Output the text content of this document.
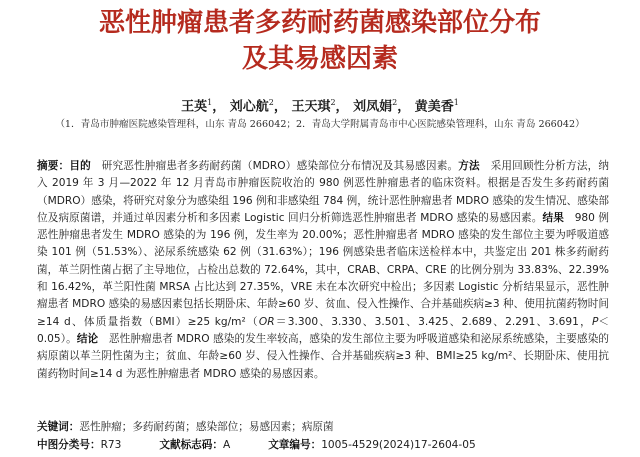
恶性肿瘤患者多药耐药菌感染部位分布
及其易感因素
王英$^1$， 刘心航$^2$， 王天琪$^2$， 刘凤娟$^2$， 黄美香$^1$
（1．青岛市肿瘤医院感染管理科，山东 青岛 266042；2．青岛大学附属青岛市中心医院感染管理科，山东 青岛 266042）

摘要：目的　研究恶性肿瘤患者多药耐药菌（MDRO）感染部位分布情况及其易感因素。方法　采用回顾性分析方法，纳入 2019 年 3 月—2022 年 12 月青岛市肿瘤医院收治的 980 例恶性肿瘤患者的临床资料。根据是否发生多药耐药菌（MDRO）感染，将研究对象分为感染组 196 例和非感染组 784 例，统计恶性肿瘤患者 MDRO 感染的发生情况、感染部位及病原菌谱，并通过单因素分析和多因素 Logistic 回归分析筛选恶性肿瘤患者 MDRO 感染的易感因素。结果　980 例恶性肿瘤患者发生 MDRO 感染的为 196 例，发生率为 20.00%；恶性肿瘤患者 MDRO 感染的发生部位主要为呼吸道感染 101 例（51.53%）、泌尿系统感染 62 例（31.63%）；196 例感染患者临床送检样本中，共鉴定出 201 株多药耐药菌，革兰阴性菌占据了主导地位，占检出总数的 72.64%，其中，CRAB、CRPA、CRE 的比例分别为 33.83%、22.39% 和 16.42%，革兰阳性菌 MRSA 占比达到 27.35%，VRE 未在本次研究中检出；多因素 Logistic 分析结果显示，恶性肿瘤患者 MDRO 感染的易感因素包括长期卧床、年龄≥60 岁、贫血、侵入性操作、合并基础疾病≥3 种、使用抗菌药物时间≥14 d、体质量指数（BMI）≥25 kg/m²（OR＝3.300、3.330、3.501、3.425、2.689、2.291、3.691，P＜0.05）。结论　恶性肿瘤患者 MDRO 感染的发生率较高，感染的发生部位主要为呼吸道感染和泌尿系统感染，主要感染的病原菌以革兰阴性菌为主；贫血、年龄≥60 岁、侵入性操作、合并基础疾病≥3 种、BMI≥25 kg/m²、长期卧床、使用抗菌药物时间≥14 d 为恶性肿瘤患者 MDRO 感染的易感因素。

关键词：恶性肿瘤；多药耐药菌；感染部位；易感因素；病原菌
中图分类号：R73	文献标志码：A	文章编号：1005-4529(2024)17-2604-05
